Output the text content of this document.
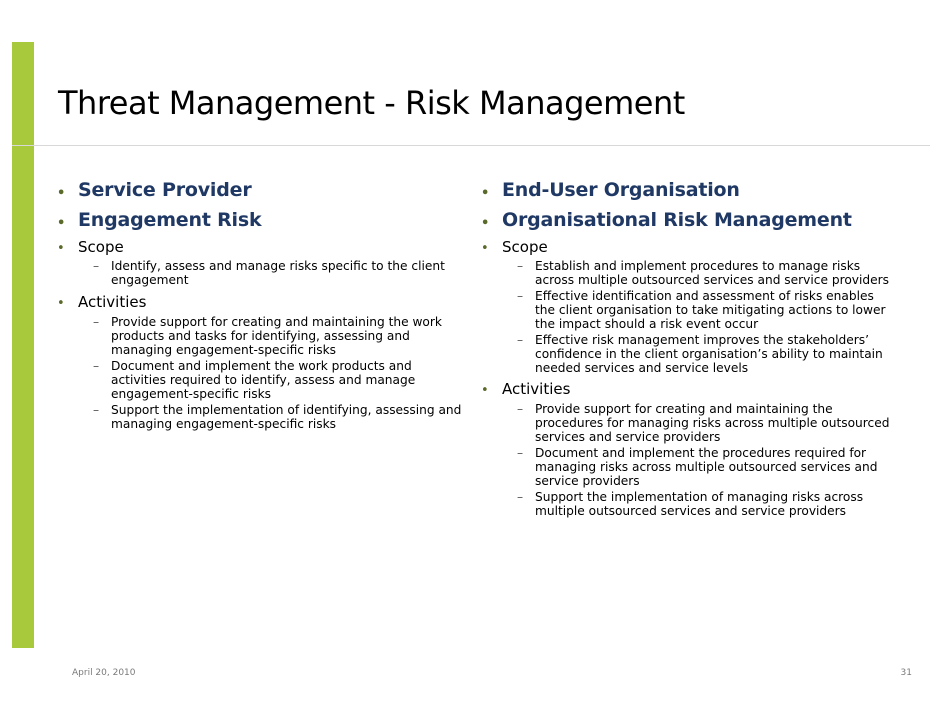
Threat Management - Risk Management
• Service Provider
• Engagement Risk
• Scope
– Identify, assess and manage risks specific to the client engagement
• Activities
– Provide support for creating and maintaining the work products and tasks for identifying, assessing and managing engagement-specific risks
– Document and implement the work products and activities required to identify, assess and manage engagement-specific risks
– Support the implementation of identifying, assessing and managing engagement-specific risks
• End-User Organisation
• Organisational Risk Management
• Scope
– Establish and implement procedures to manage risks across multiple outsourced services and service providers
– Effective identification and assessment of risks enables the client organisation to take mitigating actions to lower the impact should a risk event occur
– Effective risk management improves the stakeholders’ confidence in the client organisation’s ability to maintain needed services and service levels
• Activities
– Provide support for creating and maintaining the procedures for managing risks across multiple outsourced services and service providers
– Document and implement the procedures required for managing risks across multiple outsourced services and service providers
– Support the implementation of managing risks across multiple outsourced services and service providers
April 20, 2010	31
